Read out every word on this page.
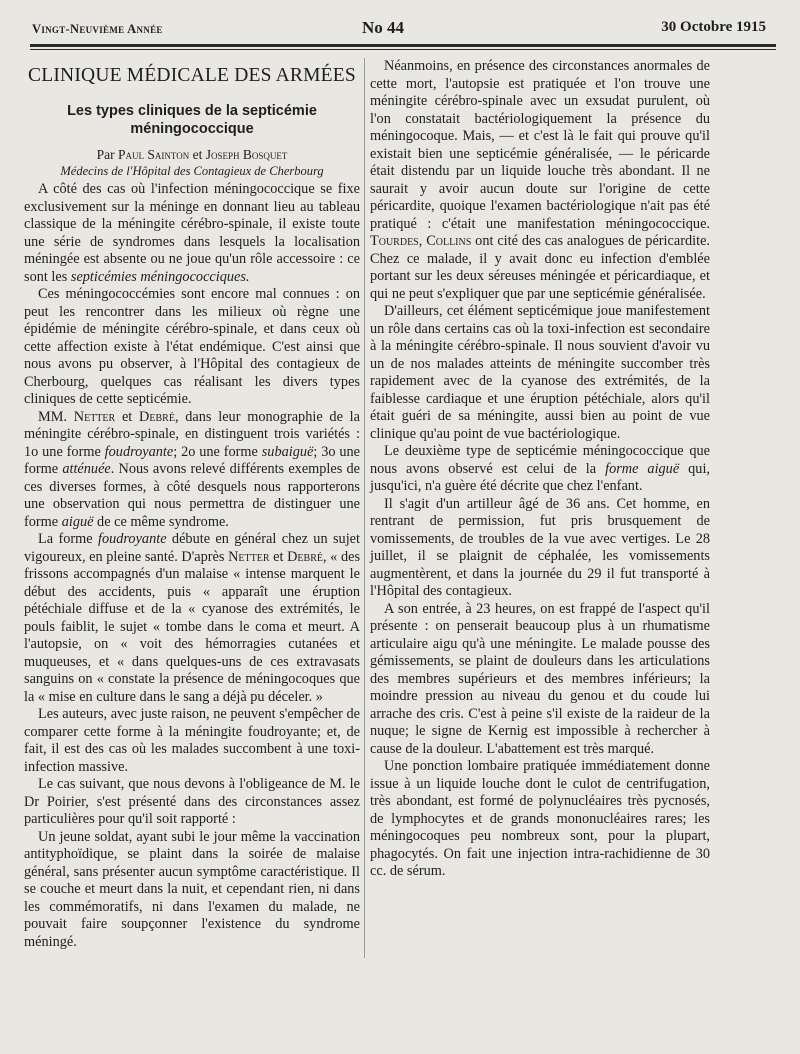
Vingt-Neuvième Année	No 44	30 Octobre 1915
CLINIQUE MÉDICALE DES ARMÉES
Les types cliniques de la septicémie méningococcique

Par Paul Sainton et Joseph Bosquet

Médecins de l'Hôpital des Contagieux de Cherbourg

A côté des cas où l'infection méningococcique se fixe exclusivement sur la méninge en donnant lieu au tableau classique de la méningite cérébro-spinale, il existe toute une série de syndromes dans lesquels la localisation méningée est absente ou ne joue qu'un rôle accessoire : ce sont les septicémies méningococciques.

Ces méningococcémies sont encore mal connues : on peut les rencontrer dans les milieux où règne une épidémie de méningite cérébro-spinale, et dans ceux où cette affection existe à l'état endémique. C'est ainsi que nous avons pu observer, à l'Hôpital des contagieux de Cherbourg, quelques cas réalisant les divers types cliniques de cette septicémie.

MM. Netter et Debré, dans leur monographie de la méningite cérébro-spinale, en distinguent trois variétés : 1o une forme foudroyante; 2o une forme subaiguë; 3o une forme atténuée. Nous avons relevé différents exemples de ces diverses formes, à côté desquels nous rapporterons une observation qui nous permettra de distinguer une forme aiguë de ce même syndrome.

La forme foudroyante débute en général chez un sujet vigoureux, en pleine santé. D'après Netter et Debré, « des frissons accompagnés d'un malaise « intense marquent le début des accidents, puis « apparaît une éruption pétéchiale diffuse et de la « cyanose des extrémités, le pouls faiblit, le sujet « tombe dans le coma et meurt. A l'autopsie, on « voit des hémorragies cutanées et muqueuses, et « dans quelques-uns de ces extravasats sanguins on « constate la présence de méningocoques que la « mise en culture dans le sang a déjà pu déceler. »

Les auteurs, avec juste raison, ne peuvent s'empêcher de comparer cette forme à la méningite foudroyante; et, de fait, il est des cas où les malades succombent à une toxi-infection massive.

Le cas suivant, que nous devons à l'obligeance de M. le Dr Poirier, s'est présenté dans des circonstances assez particulières pour qu'il soit rapporté :

Un jeune soldat, ayant subi le jour même la vaccination antityphoïdique, se plaint dans la soirée de malaise général, sans présenter aucun symptôme caractéristique. Il se couche et meurt dans la nuit, et cependant rien, ni dans les commémoratifs, ni dans l'examen du malade, ne pouvait faire soupçonner l'existence du syndrome méningé.

Néanmoins, en présence des circonstances anormales de cette mort, l'autopsie est pratiquée et l'on trouve une méningite cérébro-spinale avec un exsudat purulent, où l'on constatait bactériologiquement la présence du méningocoque. Mais, — et c'est là le fait qui prouve qu'il existait bien une septicémie généralisée, — le péricarde était distendu par un liquide louche très abondant. Il ne saurait y avoir aucun doute sur l'origine de cette péricardite, quoique l'examen bactériologique n'ait pas été pratiqué : c'était une manifestation méningococcique. Tourdes, Collins ont cité des cas analogues de péricardite. Chez ce malade, il y avait donc eu infection d'emblée portant sur les deux séreuses méningée et péricardiaque, et qui ne peut s'expliquer que par une septicémie généralisée.

D'ailleurs, cet élément septicémique joue manifestement un rôle dans certains cas où la toxi-infection est secondaire à la méningite cérébro-spinale. Il nous souvient d'avoir vu un de nos malades atteints de méningite succomber très rapidement avec de la cyanose des extrémités, de la faiblesse cardiaque et une éruption pétéchiale, alors qu'il était guéri de sa méningite, aussi bien au point de vue clinique qu'au point de vue bactériologique.

Le deuxième type de septicémie méningococcique que nous avons observé est celui de la forme aiguë qui, jusqu'ici, n'a guère été décrite que chez l'enfant.

Il s'agit d'un artilleur âgé de 36 ans. Cet homme, en rentrant de permission, fut pris brusquement de vomissements, de troubles de la vue avec vertiges. Le 28 juillet, il se plaignit de céphalée, les vomissements augmentèrent, et dans la journée du 29 il fut transporté à l'Hôpital des contagieux.

A son entrée, à 23 heures, on est frappé de l'aspect qu'il présente : on penserait beaucoup plus à un rhumatisme articulaire aigu qu'à une méningite. Le malade pousse des gémissements, se plaint de douleurs dans les articulations des membres supérieurs et des membres inférieurs; la moindre pression au niveau du genou et du coude lui arrache des cris. C'est à peine s'il existe de la raideur de la nuque; le signe de Kernig est impossible à rechercher à cause de la douleur. L'abattement est très marqué.

Une ponction lombaire pratiquée immédiatement donne issue à un liquide louche dont le culot de centrifugation, très abondant, est formé de polynucléaires très pycnosés, de lymphocytes et de grands mononucléaires rares; les méningocoques peu nombreux sont, pour la plupart, phagocytés. On fait une injection intra-rachidienne de 30 cc. de sérum.
